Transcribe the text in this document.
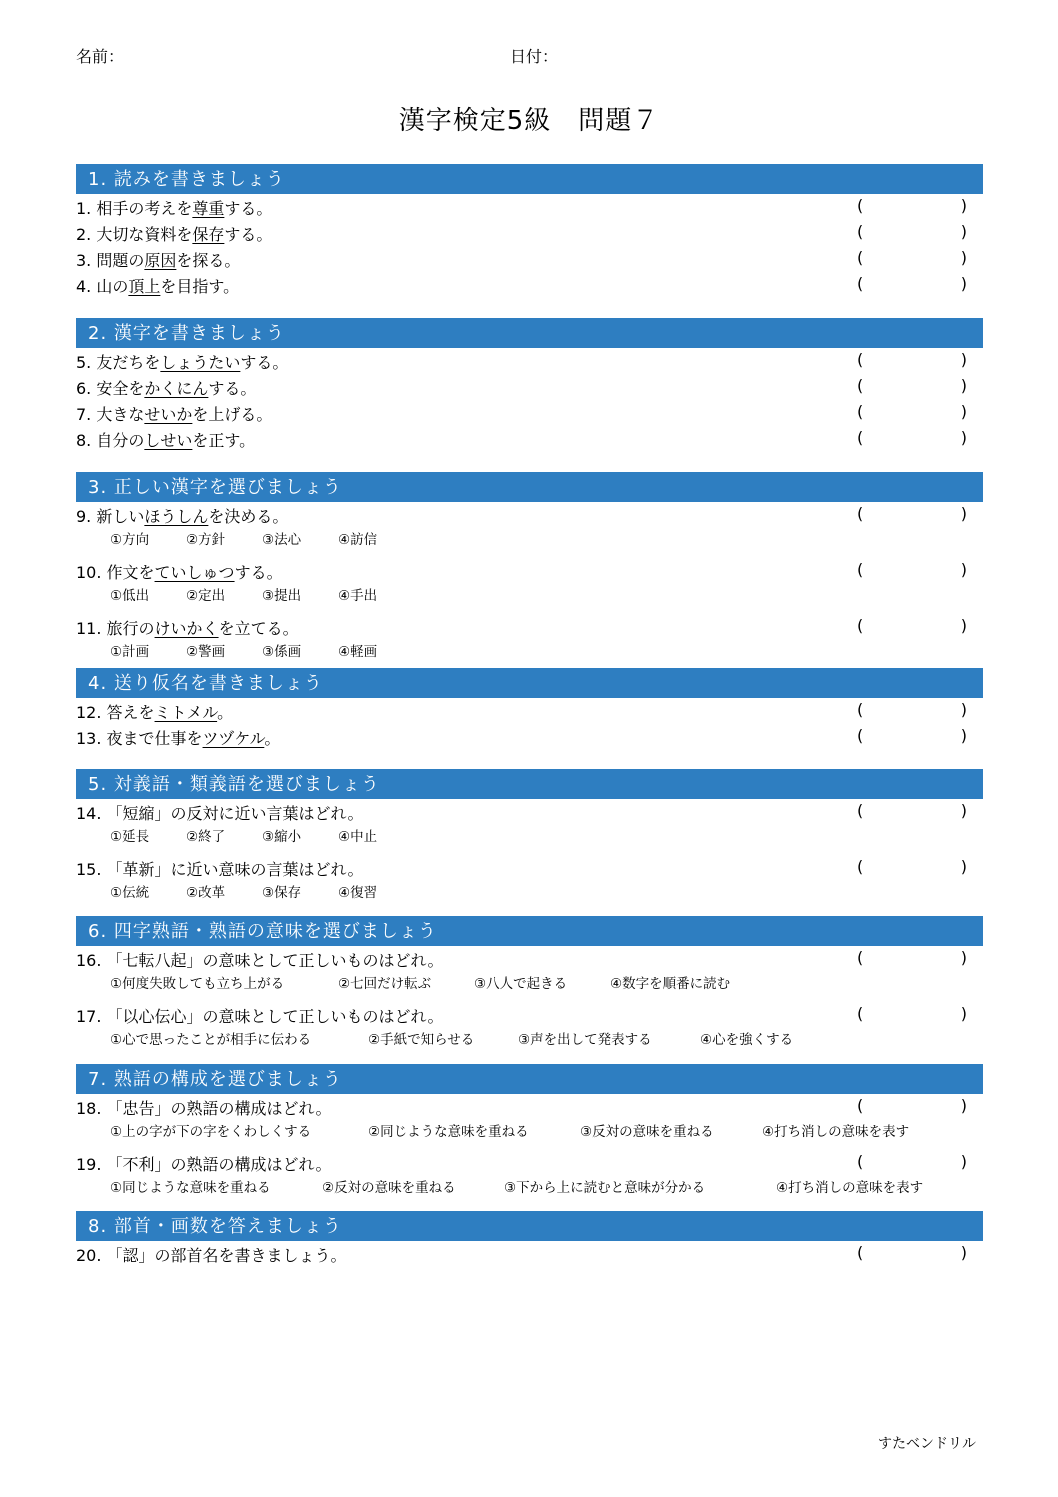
名前：	日付：
漢字検定5級　問題７
1. 読みを書きましょう
1. 相手の考えを尊重する。	(	)
2. 大切な資料を保存する。	(	)
3. 問題の原因を探る。	(	)
4. 山の頂上を目指す。	(	)
2. 漢字を書きましょう
5. 友だちをしょうたいする。	(	)
6. 安全をかくにんする。	(	)
7. 大きなせいかを上げる。	(	)
8. 自分のしせいを正す。	(	)
3. 正しい漢字を選びましょう
9. 新しいほうしんを決める。	(	)
①方向	②方針	③法心	④訪信
10. 作文をていしゅつする。	(	)
①低出	②定出	③提出	④手出
11. 旅行のけいかくを立てる。	(	)
①計画	②警画	③係画	④軽画
4. 送り仮名を書きましょう
12. 答えをミトメル。	(	)
13. 夜まで仕事をツヅケル。	(	)
5. 対義語・類義語を選びましょう
14. 「短縮」の反対に近い言葉はどれ。	(	)
①延長	②終了	③縮小	④中止
15. 「革新」に近い意味の言葉はどれ。	(	)
①伝統	②改革	③保存	④復習
6. 四字熟語・熟語の意味を選びましょう
16. 「七転八起」の意味として正しいものはどれ。	(	)
①何度失敗しても立ち上がる	②七回だけ転ぶ	③八人で起きる	④数字を順番に読む
17. 「以心伝心」の意味として正しいものはどれ。	(	)
①心で思ったことが相手に伝わる	②手紙で知らせる	③声を出して発表する	④心を強くする
7. 熟語の構成を選びましょう
18. 「忠告」の熟語の構成はどれ。	(	)
①上の字が下の字をくわしくする	②同じような意味を重ねる	③反対の意味を重ねる	④打ち消しの意味を表す
19. 「不利」の熟語の構成はどれ。	(	)
①同じような意味を重ねる	②反対の意味を重ねる	③下から上に読むと意味が分かる	④打ち消しの意味を表す
8. 部首・画数を答えましょう
20. 「認」の部首名を書きましょう。	(	)
すたベンドリル
